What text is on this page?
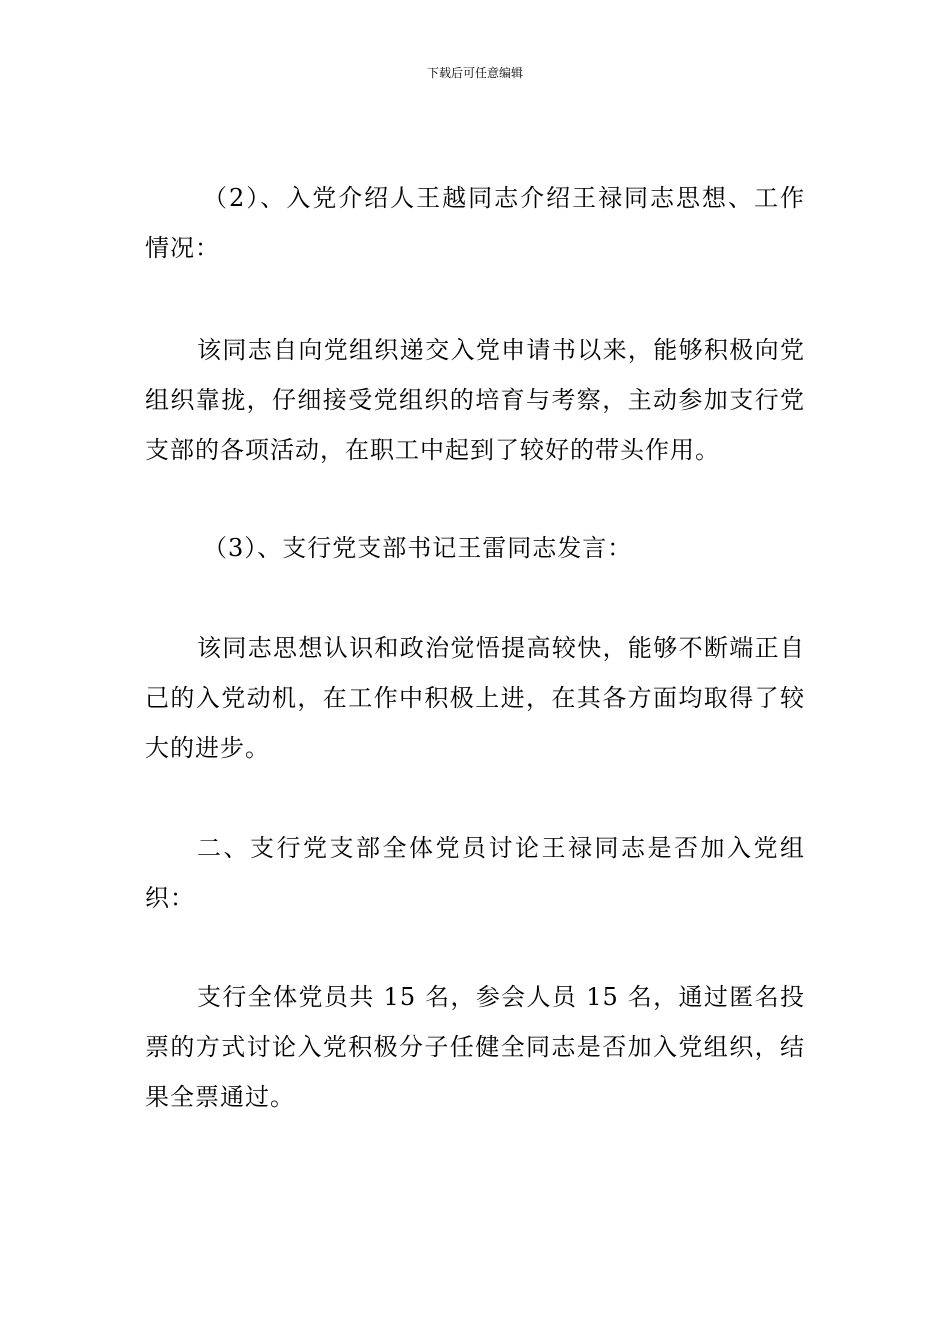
下载后可任意编辑

（2）、入党介绍人王越同志介绍王禄同志思想、工作情况：

该同志自向党组织递交入党申请书以来，能够积极向党组织靠拢，仔细接受党组织的培育与考察，主动参加支行党支部的各项活动，在职工中起到了较好的带头作用。

（3）、支行党支部书记王雷同志发言：

该同志思想认识和政治觉悟提高较快，能够不断端正自己的入党动机，在工作中积极上进，在其各方面均取得了较大的进步。

二、支行党支部全体党员讨论王禄同志是否加入党组织：

支行全体党员共 15 名，参会人员 15 名，通过匿名投票的方式讨论入党积极分子任健全同志是否加入党组织，结果全票通过。
